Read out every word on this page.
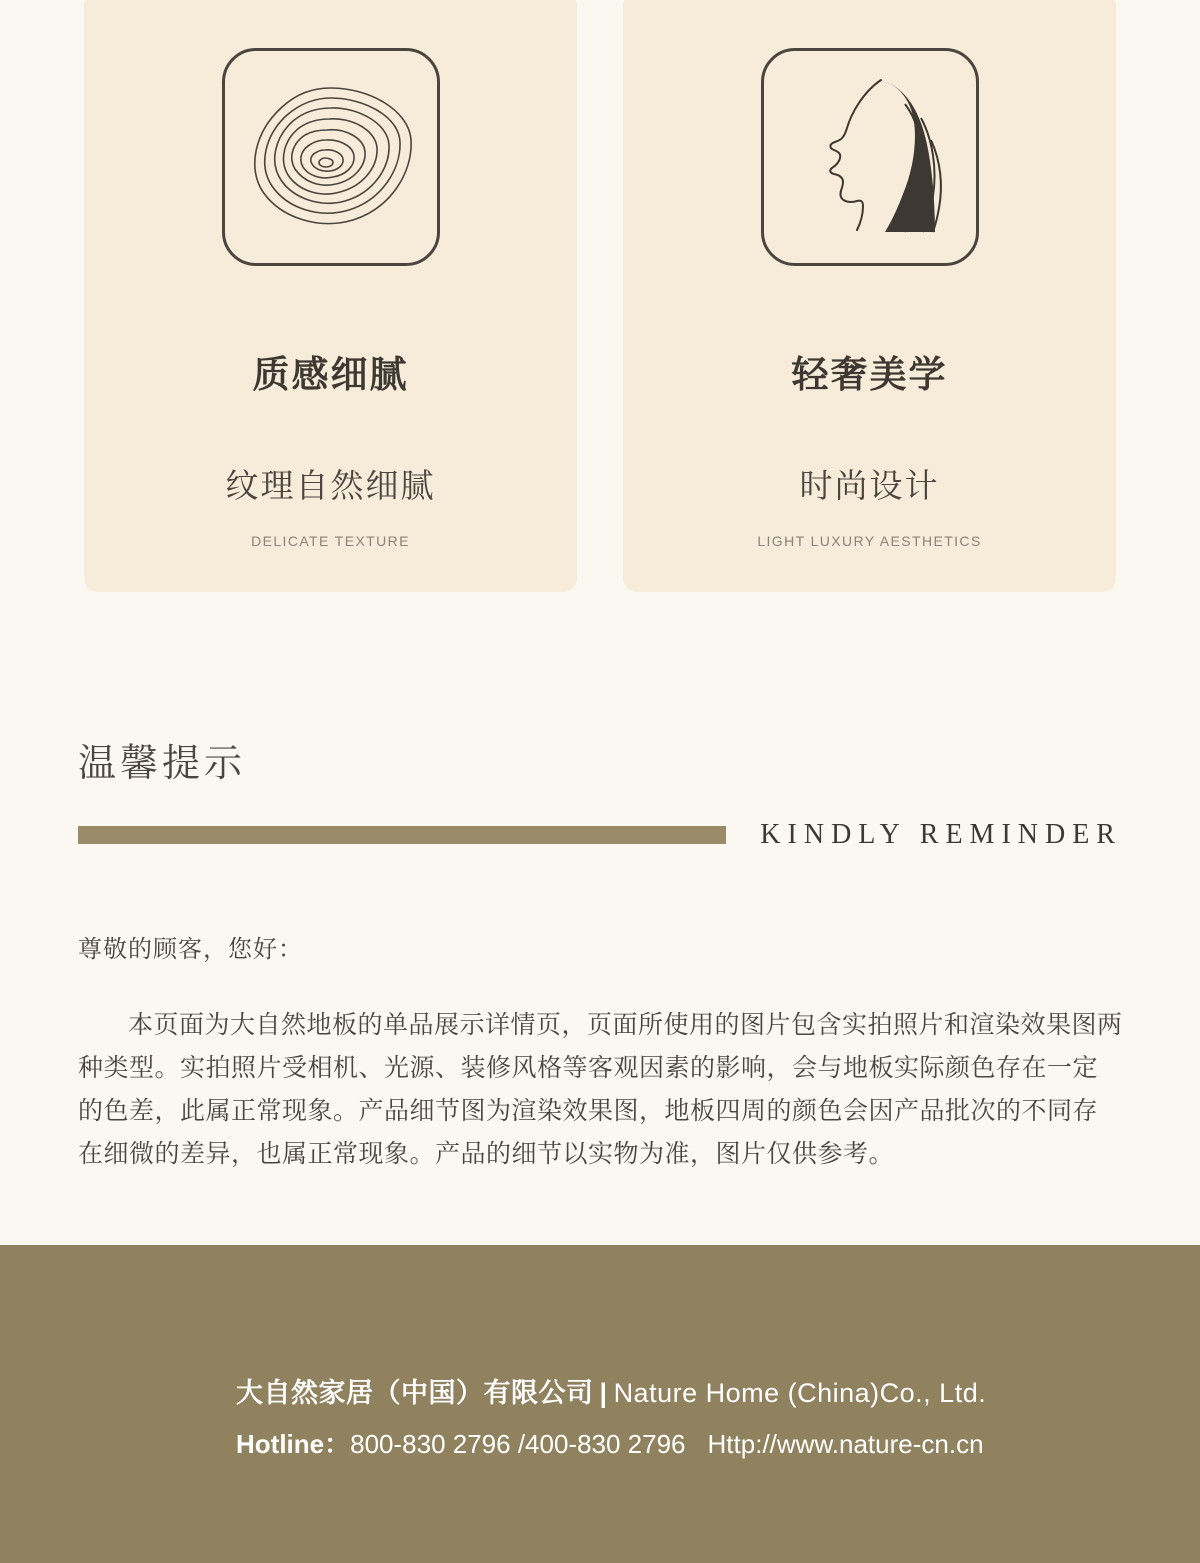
质感细腻
纹理自然细腻
DELICATE TEXTURE
轻奢美学
时尚设计
LIGHT LUXURY AESTHETICS
温馨提示
KINDLY REMINDER

尊敬的顾客，您好：

本页面为大自然地板的单品展示详情页，页面所使用的图片包含实拍照片和渲染效果图两种类型。实拍照片受相机、光源、装修风格等客观因素的影响，会与地板实际颜色存在一定的色差，此属正常现象。产品细节图为渲染效果图，地板四周的颜色会因产品批次的不同存在细微的差异，也属正常现象。产品的细节以实物为准，图片仅供参考。

大自然家居（中国）有限公司 | Nature Home (China)Co., Ltd.
Hotline：800-830 2796 /400-830 2796 Http://www.nature-cn.cn
